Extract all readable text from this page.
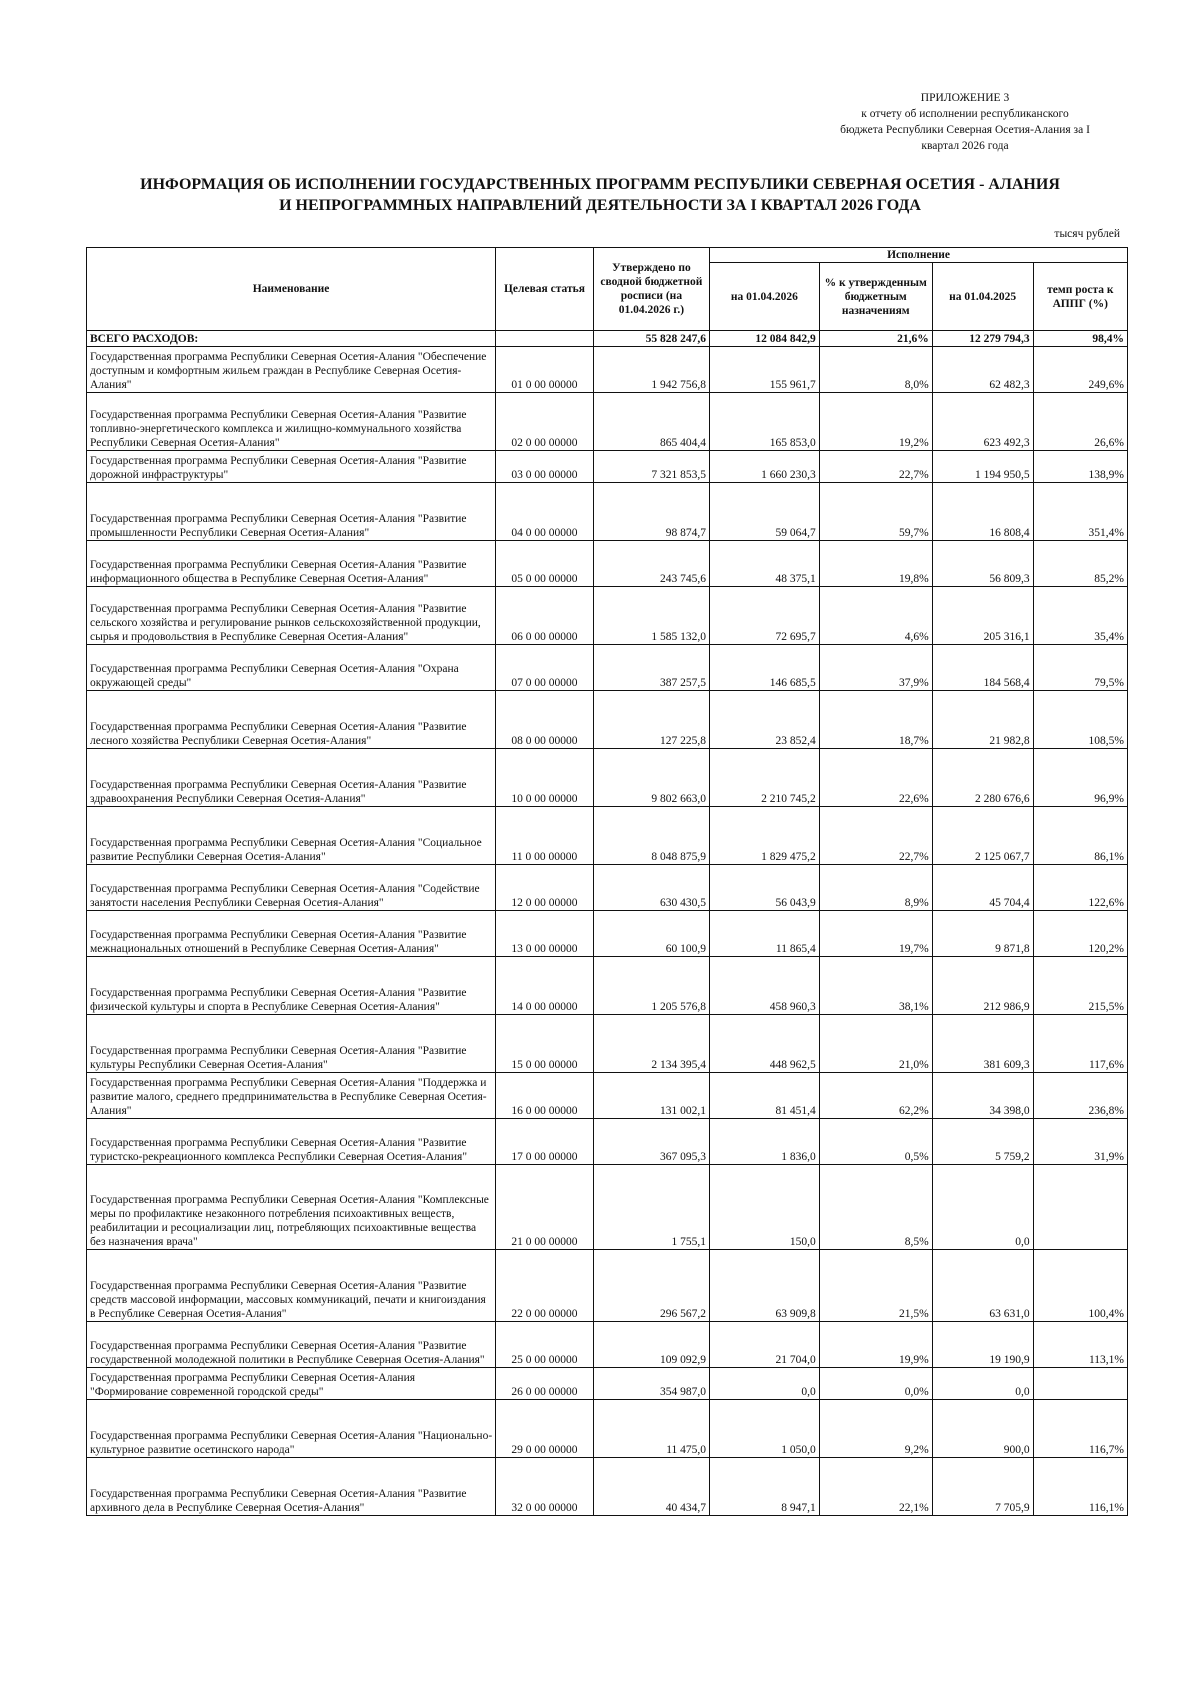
ПРИЛОЖЕНИЕ 3
к отчету об исполнении республиканского
бюджета Республики Северная Осетия-Алания за I
квартал 2026 года
ИНФОРМАЦИЯ ОБ ИСПОЛНЕНИИ ГОСУДАРСТВЕННЫХ ПРОГРАММ РЕСПУБЛИКИ СЕВЕРНАЯ ОСЕТИЯ - АЛАНИЯ
И НЕПРОГРАММНЫХ НАПРАВЛЕНИЙ ДЕЯТЕЛЬНОСТИ ЗА I КВАРТАЛ 2026 ГОДА
тысяч рублей
Наименование	Целевая статья	Утверждено по сводной бюджетной росписи (на 01.04.2026 г.)	Исполнение			
			на 01.04.2026	% к утвержденным бюджетным назначениям	на 01.04.2025	темп роста к АППГ (%)
ВСЕГО РАСХОДОВ:		55 828 247,6	12 084 842,9	21,6%	12 279 794,3	98,4%
Государственная программа Республики Северная Осетия-Алания "Обеспечение доступным и комфортным жильем граждан в Республике Северная Осетия-Алания"	01 0 00 00000	1 942 756,8	155 961,7	8,0%	62 482,3	249,6%
Государственная программа Республики Северная Осетия-Алания "Развитие топливно-энергетического комплекса и жилищно-коммунального хозяйства Республики Северная Осетия-Алания"	02 0 00 00000	865 404,4	165 853,0	19,2%	623 492,3	26,6%
Государственная программа Республики Северная Осетия-Алания "Развитие дорожной инфраструктуры"	03 0 00 00000	7 321 853,5	1 660 230,3	22,7%	1 194 950,5	138,9%
Государственная программа Республики Северная Осетия-Алания "Развитие промышленности Республики Северная Осетия-Алания"	04 0 00 00000	98 874,7	59 064,7	59,7%	16 808,4	351,4%
Государственная программа Республики Северная Осетия-Алания "Развитие информационного общества в Республике Северная Осетия-Алания"	05 0 00 00000	243 745,6	48 375,1	19,8%	56 809,3	85,2%
Государственная программа Республики Северная Осетия-Алания "Развитие сельского хозяйства и регулирование рынков сельскохозяйственной продукции, сырья и продовольствия в Республике Северная Осетия-Алания"	06 0 00 00000	1 585 132,0	72 695,7	4,6%	205 316,1	35,4%
Государственная программа Республики Северная Осетия-Алания "Охрана окружающей среды"	07 0 00 00000	387 257,5	146 685,5	37,9%	184 568,4	79,5%
Государственная программа Республики Северная Осетия-Алания "Развитие лесного хозяйства Республики Северная Осетия-Алания"	08 0 00 00000	127 225,8	23 852,4	18,7%	21 982,8	108,5%
Государственная программа Республики Северная Осетия-Алания "Развитие здравоохранения Республики Северная Осетия-Алания"	10 0 00 00000	9 802 663,0	2 210 745,2	22,6%	2 280 676,6	96,9%
Государственная программа Республики Северная Осетия-Алания "Социальное развитие Республики Северная Осетия-Алания"	11 0 00 00000	8 048 875,9	1 829 475,2	22,7%	2 125 067,7	86,1%
Государственная программа Республики Северная Осетия-Алания "Содействие занятости населения Республики Северная Осетия-Алания"	12 0 00 00000	630 430,5	56 043,9	8,9%	45 704,4	122,6%
Государственная программа Республики Северная Осетия-Алания "Развитие межнациональных отношений в Республике Северная Осетия-Алания"	13 0 00 00000	60 100,9	11 865,4	19,7%	9 871,8	120,2%
Государственная программа Республики Северная Осетия-Алания "Развитие физической культуры и спорта в Республике Северная Осетия-Алания"	14 0 00 00000	1 205 576,8	458 960,3	38,1%	212 986,9	215,5%
Государственная программа Республики Северная Осетия-Алания "Развитие культуры Республики Северная Осетия-Алания"	15 0 00 00000	2 134 395,4	448 962,5	21,0%	381 609,3	117,6%
Государственная программа Республики Северная Осетия-Алания "Поддержка и развитие малого, среднего предпринимательства в Республике Северная Осетия-Алания"	16 0 00 00000	131 002,1	81 451,4	62,2%	34 398,0	236,8%
Государственная программа Республики Северная Осетия-Алания "Развитие туристско-рекреационного комплекса Республики Северная Осетия-Алания"	17 0 00 00000	367 095,3	1 836,0	0,5%	5 759,2	31,9%
Государственная программа Республики Северная Осетия-Алания "Комплексные меры по профилактике незаконного потребления психоактивных веществ, реабилитации и ресоциализации лиц, потребляющих психоактивные вещества без назначения врача"	21 0 00 00000	1 755,1	150,0	8,5%	0,0	
Государственная программа Республики Северная Осетия-Алания "Развитие средств массовой информации, массовых коммуникаций, печати и книгоиздания в Республике Северная Осетия-Алания"	22 0 00 00000	296 567,2	63 909,8	21,5%	63 631,0	100,4%
Государственная программа Республики Северная Осетия-Алания "Развитие государственной молодежной политики в Республике Северная Осетия-Алания"	25 0 00 00000	109 092,9	21 704,0	19,9%	19 190,9	113,1%
Государственная программа Республики Северная Осетия-Алания "Формирование современной городской среды"	26 0 00 00000	354 987,0	0,0	0,0%	0,0	
Государственная программа Республики Северная Осетия-Алания "Национально-культурное развитие осетинского народа"	29 0 00 00000	11 475,0	1 050,0	9,2%	900,0	116,7%
Государственная программа Республики Северная Осетия-Алания "Развитие архивного дела в Республике Северная Осетия-Алания"	32 0 00 00000	40 434,7	8 947,1	22,1%	7 705,9	116,1%
